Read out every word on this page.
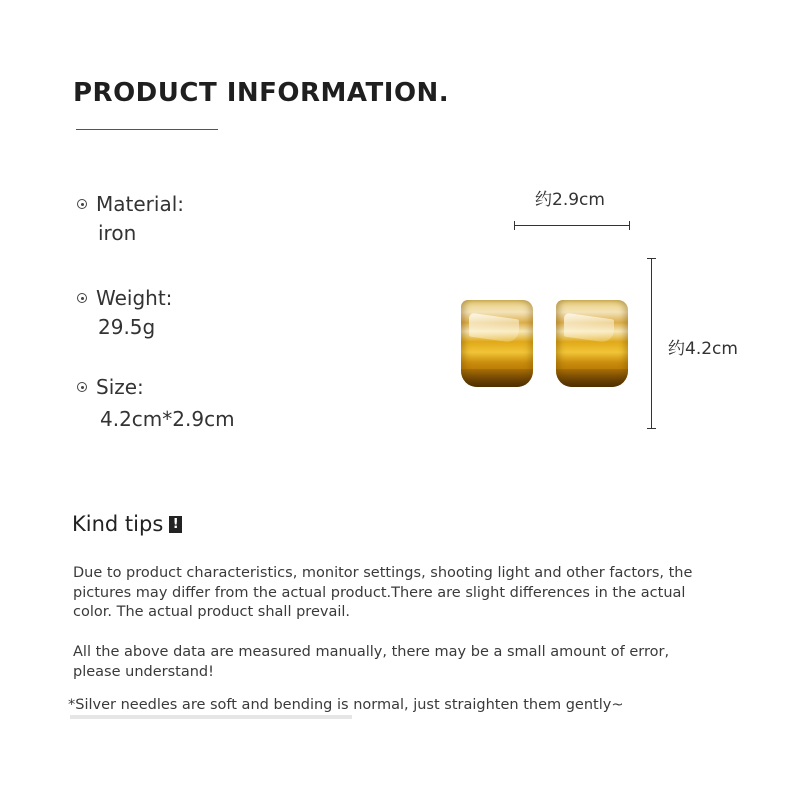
PRODUCT INFORMATION.
Material:
iron
Weight:
29.5g
Size:
4.2cm*2.9cm
约2.9cm
约4.2cm
Kind tips !

Due to product characteristics, monitor settings, shooting light and other factors, the pictures may differ from the actual product.There are slight differences in the actual color. The actual product shall prevail.

All the above data are measured manually, there may be a small amount of error, please understand!

*Silver needles are soft and bending is normal, just straighten them gently~
